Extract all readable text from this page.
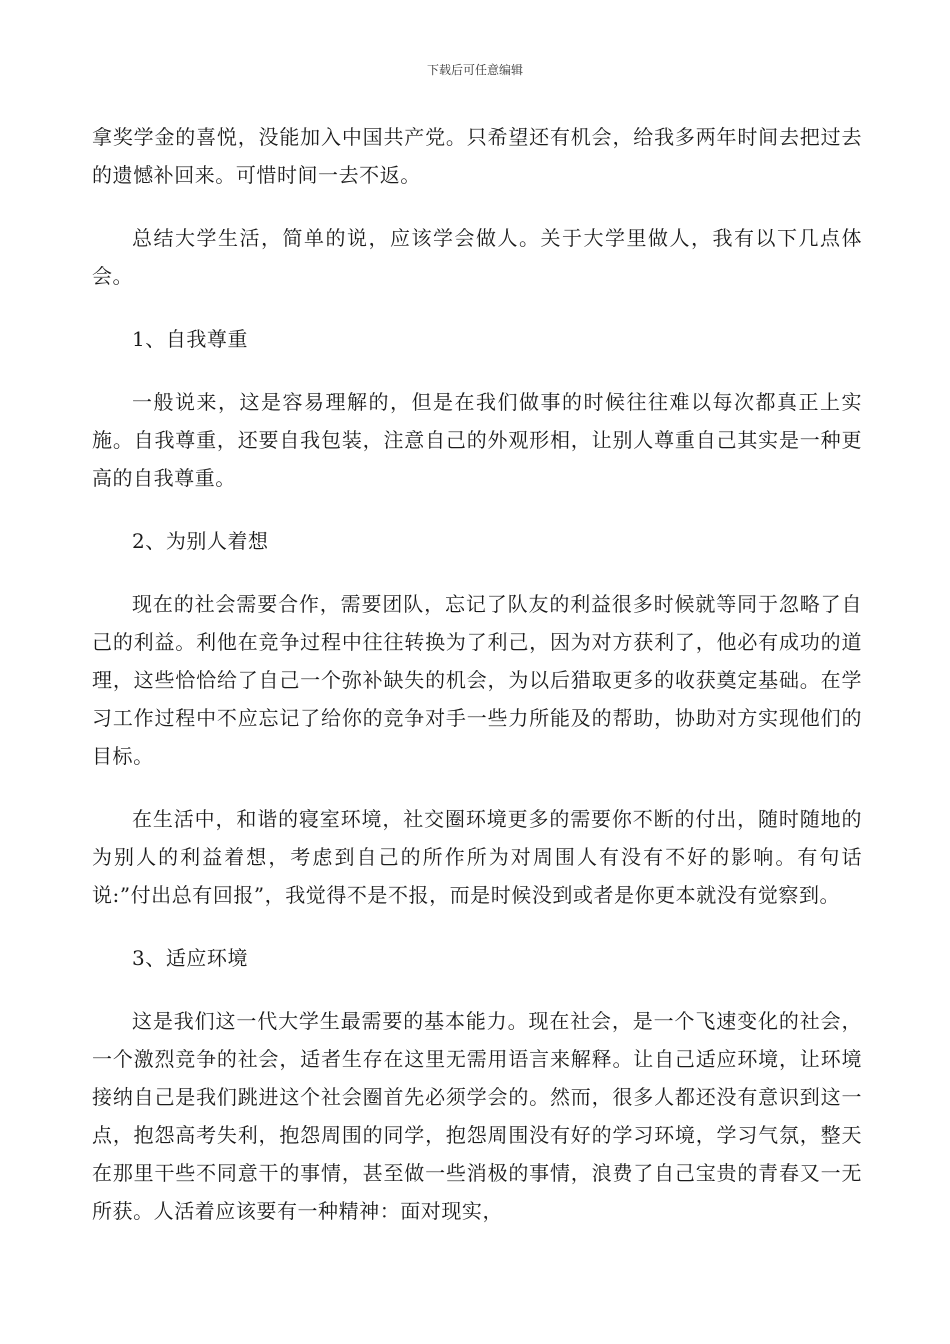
下载后可任意编辑

拿奖学金的喜悦，没能加入中国共产党。只希望还有机会，给我多两年时间去把过去的遗憾补回来。可惜时间一去不返。

总结大学生活，简单的说，应该学会做人。关于大学里做人，我有以下几点体会。

1、自我尊重

一般说来，这是容易理解的，但是在我们做事的时候往往难以每次都真正上实施。自我尊重，还要自我包装，注意自己的外观形相，让别人尊重自己其实是一种更高的自我尊重。

2、为别人着想

现在的社会需要合作，需要团队，忘记了队友的利益很多时候就等同于忽略了自己的利益。利他在竞争过程中往往转换为了利己，因为对方获利了，他必有成功的道理，这些恰恰给了自己一个弥补缺失的机会，为以后猎取更多的收获奠定基础。在学习工作过程中不应忘记了给你的竞争对手一些力所能及的帮助，协助对方实现他们的目标。

在生活中，和谐的寝室环境，社交圈环境更多的需要你不断的付出，随时随地的为别人的利益着想，考虑到自己的所作所为对周围人有没有不好的影响。有句话说:”付出总有回报”，我觉得不是不报，而是时候没到或者是你更本就没有觉察到。

3、适应环境

这是我们这一代大学生最需要的基本能力。现在社会，是一个飞速变化的社会，一个激烈竞争的社会，适者生存在这里无需用语言来解释。让自己适应环境，让环境接纳自己是我们跳进这个社会圈首先必须学会的。然而，很多人都还没有意识到这一点，抱怨高考失利，抱怨周围的同学，抱怨周围没有好的学习环境，学习气氛，整天在那里干些不同意干的事情，甚至做一些消极的事情，浪费了自己宝贵的青春又一无所获。人活着应该要有一种精神：面对现实，
